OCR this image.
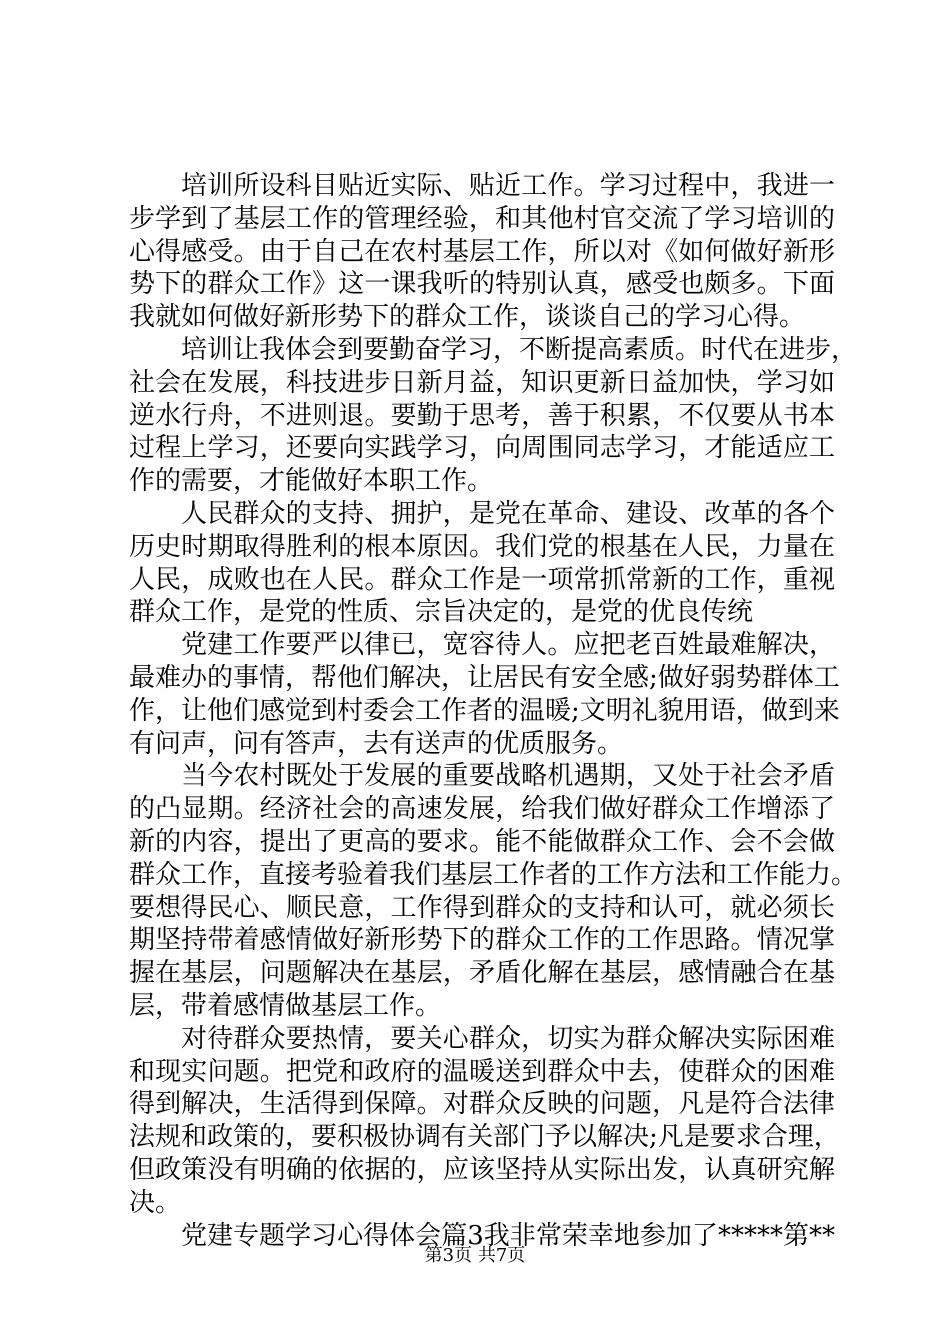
培训所设科目贴近实际、贴近工作。学习过程中，我进一
步学到了基层工作的管理经验，和其他村官交流了学习培训的
心得感受。由于自己在农村基层工作，所以对《如何做好新形
势下的群众工作》这一课我听的特别认真，感受也颇多。下面
我就如何做好新形势下的群众工作，谈谈自己的学习心得。
培训让我体会到要勤奋学习，不断提高素质。时代在进步，
社会在发展，科技进步日新月益，知识更新日益加快，学习如
逆水行舟，不进则退。要勤于思考，善于积累，不仅要从书本
过程上学习，还要向实践学习，向周围同志学习，才能适应工
作的需要，才能做好本职工作。
人民群众的支持、拥护，是党在革命、建设、改革的各个
历史时期取得胜利的根本原因。我们党的根基在人民，力量在
人民，成败也在人民。群众工作是一项常抓常新的工作，重视
群众工作，是党的性质、宗旨决定的，是党的优良传统
党建工作要严以律已，宽容待人。应把老百姓最难解决，
最难办的事情，帮他们解决，让居民有安全感;做好弱势群体工
作，让他们感觉到村委会工作者的温暖;文明礼貌用语，做到来
有问声，问有答声，去有送声的优质服务。
当今农村既处于发展的重要战略机遇期，又处于社会矛盾
的凸显期。经济社会的高速发展，给我们做好群众工作增添了
新的内容，提出了更高的要求。能不能做群众工作、会不会做
群众工作，直接考验着我们基层工作者的工作方法和工作能力。
要想得民心、顺民意，工作得到群众的支持和认可，就必须长
期坚持带着感情做好新形势下的群众工作的工作思路。情况掌
握在基层，问题解决在基层，矛盾化解在基层，感情融合在基
层，带着感情做基层工作。
对待群众要热情，要关心群众，切实为群众解决实际困难
和现实问题。把党和政府的温暖送到群众中去，使群众的困难
得到解决，生活得到保障。对群众反映的问题，凡是符合法律
法规和政策的，要积极协调有关部门予以解决;凡是要求合理，
但政策没有明确的依据的，应该坚持从实际出发，认真研究解
决。
党建专题学习心得体会篇3我非常荣幸地参加了*****第**
第3页 共7页
